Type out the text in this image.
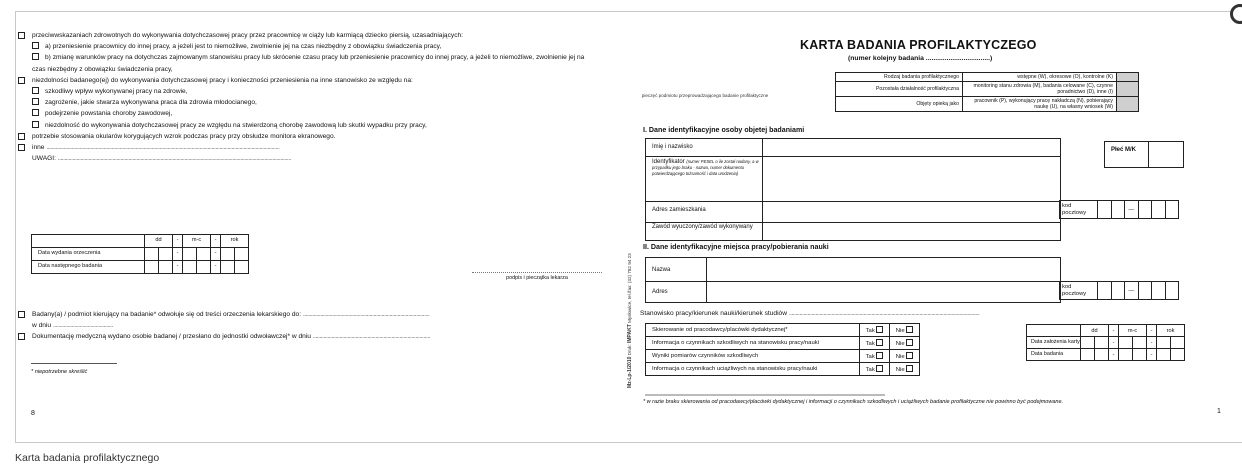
przeciwwskazaniach zdrowotnych do wykonywania dotychczasowej pracy przez pracownicę w ciąży lub karmiącą dziecko piersią, uzasadniających:
a) przeniesienie pracownicy do innej pracy, a jeżeli jest to niemożliwe, zwolnienie jej na czas niezbędny z obowiązku świadczenia pracy,
b) zmianę warunków pracy na dotychczas zajmowanym stanowisku pracy lub skrócenie czasu pracy lub przeniesienie pracownicy do innej pracy, a jeżeli to niemożliwe, zwolnienie jej na czas niezbędny z obowiązku świadczenia pracy,
niezdolności badanego(ej) do wykonywania dotychczasowej pracy i konieczności przeniesienia na inne stanowisko ze względu na:
szkodliwy wpływ wykonywanej pracy na zdrowie,
zagrożenie, jakie stwarza wykonywana praca dla zdrowia młodocianego,
podejrzenie powstania choroby zawodowej,
niezdolność do wykonywania dotychczasowej pracy ze względu na stwierdzoną chorobę zawodową lub skutki wypadku przy pracy,
potrzebie stosowania okularów korygujących wzrok podczas pracy przy obsłudze monitora ekranowego.
inne ...............................................................................................................................................................................
UWAGI: ...............................................................................................................................................................................
	dd		-	m-c		-	rok	
Data wydania orzeczenia			-			-		
Data następnego badania			-			-		
podpis i pieczątka lekarza
Badany(a) / podmiot kierujący na badanie* odwołuje się od treści orzeczenia lekarskiego do: ...............................................................................................
w dniu .............................................
Dokumentację medyczną wydano osobie badanej / przesłano do jednostki odwoławczej* w dniu ........................................................................................
* niepotrzebne skreślić
8
Mz-Lp-1/2010 Druk: IMPAKT Mysłowice, tel./fax: (32) 782 94 23
KARTA BADANIA PROFILAKTYCZEGO
(numer kolejny badania ..................................)
pieczęć podmiotu przeprowadzającego badanie profilaktyczne
Rodzaj badania profilaktycznego	wstępne (W), okresowe (O), kontrolne (K)	
Pozostała działalność profilaktyczna	monitoring stanu zdrowia (M), badania celowane (C), czynne poradnictwo (D), inne (I)	
Objęty opieką jako	pracownik (P), wykonujący pracę nakładczą (N), pobierający naukę (U), na własny wniosek (W)	
I. Dane identyfikacyjne osoby objetej badaniami
Imię i nazwisko
Identyfikator (numer PESEL o ile został nadany, a w przypadku jego braku - nazwa, numer dokumentu potwierdzającego tożsamość i data urodzenia)
Adres zamieszkania
Zawód wyuczony/zawód wykonywany
Płeć M/K
kod pocztowy			—			
II. Dane identyfikacyjne miejsca pracy/pobierania nauki
Nazwa
Adres
kod pocztowy			—			
Stanowisko pracy/kierunek nauki/kierunek studiów ...............................................................................................................................................
Skierowanie od pracodawcy/placówki dydaktycznej*	Tak	Nie
Informacja o czynnikach szkodliwych na stanowisku pracy/nauki	Tak	Nie
Wyniki pomiarów czynników szkodliwych	Tak	Nie
Informacja o czynnikach uciążliwych na stanowisku pracy/nauki	Tak	Nie
	dd		-	m-c		-	rok	
Data założenia karty			-			-		
Data badania			-			-		
* w razie braku skierowania od pracodawcy/placówki dydaktycznej i informacji o czynnikach szkodliwych i uciążliwych badanie profilaktyczne nie powinno być podejmowane.
1
Karta badania profilaktycznego
